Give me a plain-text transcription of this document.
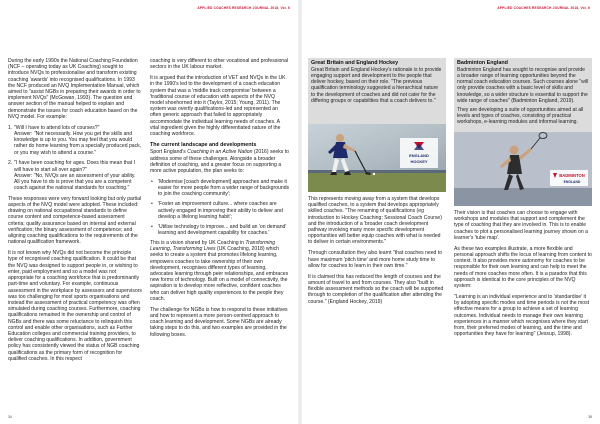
APPLIED COACHES RESEARCH JOURNAL 2018, Vol. 6

During the early 1990s the National Coaching Foundation (NCF – operating today as UK Coaching) sought to introduce NVQs to professionalise and transform existing coaching 'awards' into recognised qualifications. In 1993 the NCF produced an NVQ Implementation Manual, which aimed to "assist NGBs in preparing their awards in order to implement NVQs" (McGowan, 1993). The question and answer section of the manual helped to explain and demonstrate the issues for coach education based on the NVQ model. For example:

1. "Will I have to attend lots of courses?"
Answer: "Not necessarily. How you get the skills and knowledge is up to you. You may feel that you would rather do home learning from a specially produced pack, or you may wish to attend a course."
2. "I have been coaching for ages. Does this mean that I will have to start all over again?"
Answer: "No, NVQs are an assessment of your ability. All you have to do is prove that you are a competent coach against the national standards for coaching."

These responses were very forward looking but only partial aspects of the NVQ model were adopted. These included: drawing on national occupational standards to define course content and competence-based assessment criteria; quality assurance based on internal and external verification; the binary assessment of competence; and aligning coaching qualifications to the requirements of the national qualification framework.

It is not known why NVQs did not become the principle type of recognised coaching qualification. It could be that the NVQ was designed to support people in, or wishing to enter, paid employment and so a model was not appropriate for a coaching workforce that is predominantly part-time and voluntary. For example, continuous assessment in the workplace by assessors and supervisors was too challenging for most sports organisations and instead the assessment of practical competency was often simulated during coaching courses. Furthermore, coaching qualifications remained in the ownership and control of NGBs and there was some reluctance to relinquish this control and enable other organisations, such as Further Education colleges and commercial training providers, to deliver coaching qualifications. In addition, government policy has consistently viewed the status of NGB coaching qualifications as the primary form of recognition for qualified coaches. In this respect

coaching is very different to other vocational and professional sectors in the UK labour market.

It is argued that the introduction of VET and NVQs in the UK in the 1990's led to the development of a coach education system that was a 'middle track compromise' between a 'traditional course of education with aspects of the NVQ model shoehorned into it (Taylor, 2015; Young, 2011). The system was overtly qualifications-led and represented an often generic approach that failed to appropriately accommodate the individual learning needs of coaches. A vital ingredient given the highly differentiated nature of the coaching workforce.

The current landscape and developments

Sport England's Coaching in an Active Nation (2016) seeks to address some of these challenges. Alongside a broader definition of coaching, and a greater focus on supporting a more active population, the plan seeks to:

• 'Modernise [coach development] approaches and make it easier for more people from a wider range of backgrounds to join the coaching community';
• 'Foster an improvement culture... where coaches are actively engaged in improving their ability to deliver and develop a lifelong learning habit';
• 'Utilise technology to improve... and build an 'on demand' learning and development capability for coaches.'

This is a vision shared by UK Coaching in Transforming Learning, Transforming Lives (UK Coaching, 2018) which seeks to create a system that promotes lifelong learning, empowers coaches to take ownership of their own development, recognises different types of learning, advocates learning through peer relationships, and embraces new forms of technology. Built on a model of connectivity, the aspiration is to develop more reflective, confident coaches who can deliver high quality experiences to the people they coach.

The challenge for NGBs is how to respond to these initiatives and how to represent a more person-centred approach to coach learning and development. Some NGBs are already taking steps to do this, and two examples are provided in the following boxes.

34
APPLIED COACHES RESEARCH JOURNAL 2018, Vol. 6
Great Britain and England Hockey
Great Britain and England Hockey's rationale is to provide engaging support and development to the people that deliver hockey, based on their role. "The previous qualification terminology suggested a hierarchical nature to the development of coaches and did not cater for the differing groups or capabilities that a coach delivers to."
ENGLAND
HOCKEY

This represents moving away from a system that develops qualified coaches, to a system that develops appropriately skilled coaches. "The renaming of qualifications (eg introduction to Hockey Coaching; Sessional Coach Course) and the introduction of a 'broader coach development pathway involving many more specific development opportunities will better equip coaches with what is needed to deliver in certain environments."

Through consultation they also learnt "that coaches need to have maximum 'pitch time' and more home study time to allow for coaches to learn in their own time."

It is claimed this has reduced the length of courses and the amount of travel to and from courses. They also "built in flexible assessment methods so the coach will be supported through to completion of the qualification after attending the course." (England Hockey, 2019)

Badminton England
Badminton England has sought to recognise and provide a broader range of learning opportunities beyond the normal coach education courses. Such courses alone "will only provide coaches with a basic level of skills and knowledge, so a wider structure is essential to support the wide range of coaches" (Badminton England, 2019).
They are developing a suite of opportunities aimed at all levels and types of coaches, consisting of practical workshops, e-learning modules and informal learning.
BADMINTON
ENGLAND

Their vision is that coaches can choose to engage with workshops and modules that support and complement the type of coaching that they are involved in. This is to enable coaches to plot a personalised learning journey shown on a learner's 'tube map'.

As these two examples illustrate, a more flexible and personal approach shifts the locus of learning from content to context. It also provides more autonomy for coaches to be responsible for their own learning and can help to meet the needs of more coaches more often. It is a paradox that this approach is identical to the core principles of the NVQ system:

"Learning is an individual experience and to 'standardise' it by adopting specific modes and time periods is not the most effective means for a group to achieve a set of learning outcomes. Individual needs to manage their own learning experiences in a manner which recognises where they start from, their preferred modes of learning, and the time and opportunities they have for learning" (Jessup, 1998).

35
